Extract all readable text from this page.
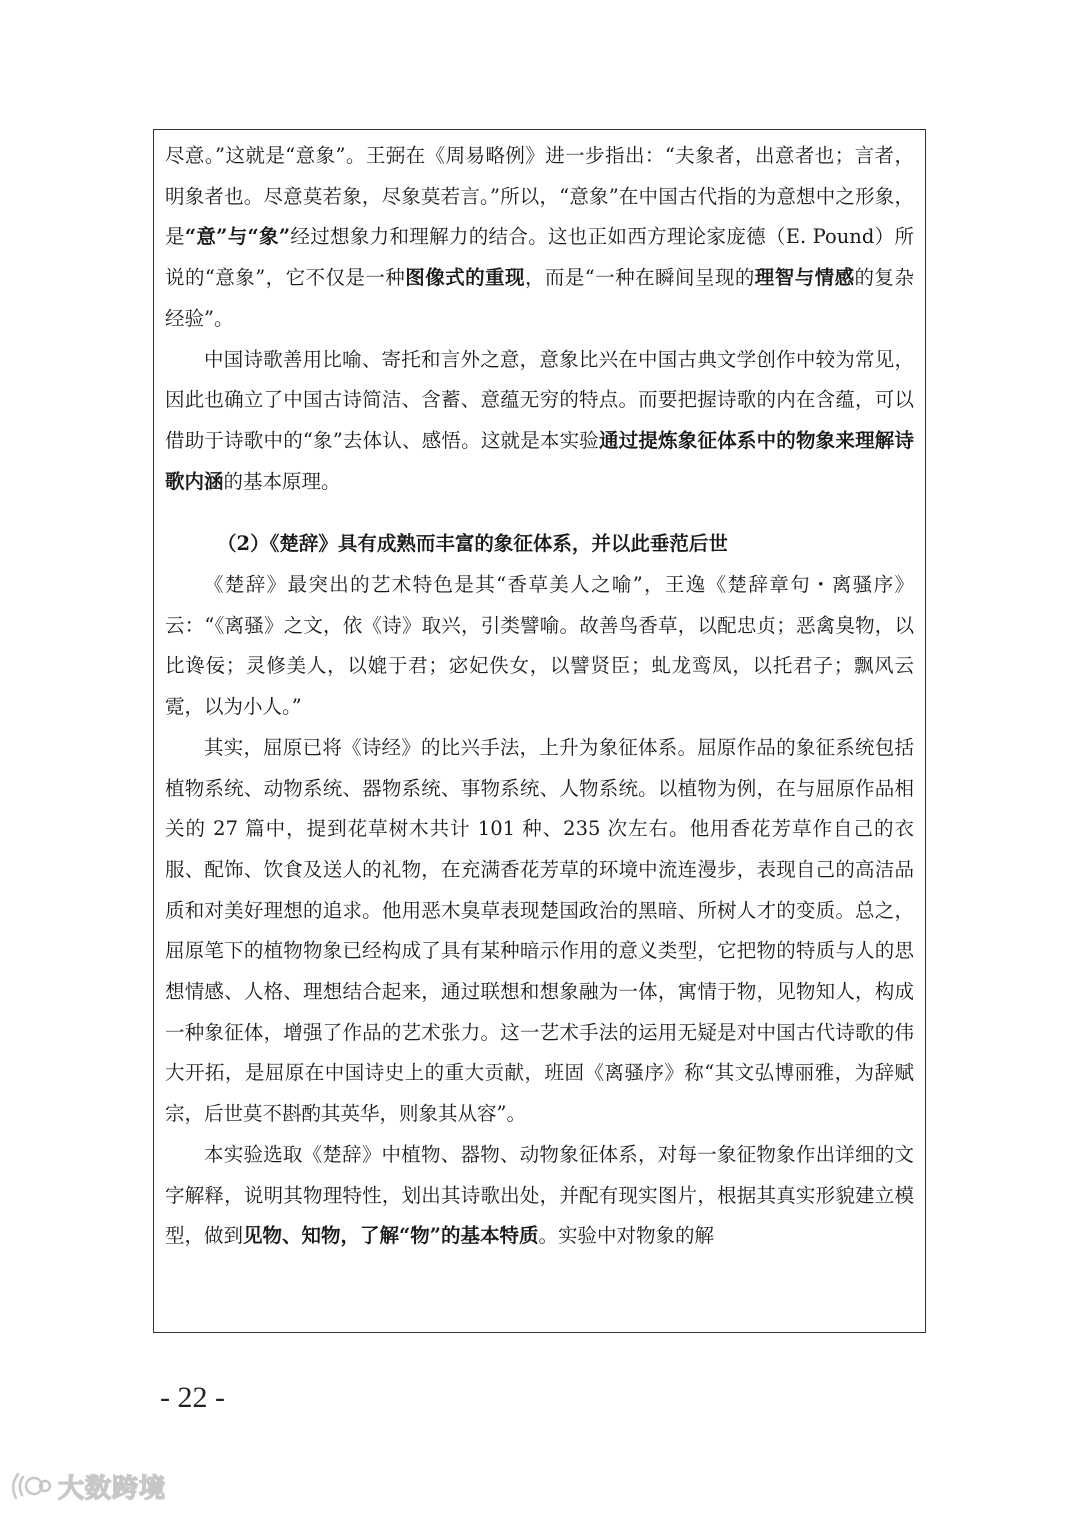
尽意。”这就是“意象”。王弼在《周易略例》进一步指出：“夫象者，出意者也；言者，明象者也。尽意莫若象，尽象莫若言。”所以，“意象”在中国古代指的为意想中之形象，是“意”与“象”经过想象力和理解力的结合。这也正如西方理论家庞德（E. Pound）所说的“意象”，它不仅是一种图像式的重现，而是“一种在瞬间呈现的理智与情感的复杂经验”。

中国诗歌善用比喻、寄托和言外之意，意象比兴在中国古典文学创作中较为常见，因此也确立了中国古诗简洁、含蓄、意蕴无穷的特点。而要把握诗歌的内在含蕴，可以借助于诗歌中的“象”去体认、感悟。这就是本实验通过提炼象征体系中的物象来理解诗歌内涵的基本原理。

（2）《楚辞》具有成熟而丰富的象征体系，并以此垂范后世

《楚辞》最突出的艺术特色是其“香草美人之喻”，王逸《楚辞章句・离骚序》云：“《离骚》之文，依《诗》取兴，引类譬喻。故善鸟香草，以配忠贞；恶禽臭物，以比谗佞；灵修美人，以媲于君；宓妃佚女，以譬贤臣；虬龙鸾凤，以托君子；飘风云霓，以为小人。”

其实，屈原已将《诗经》的比兴手法，上升为象征体系。屈原作品的象征系统包括植物系统、动物系统、器物系统、事物系统、人物系统。以植物为例，在与屈原作品相关的 27 篇中，提到花草树木共计 101 种、235 次左右。他用香花芳草作自己的衣服、配饰、饮食及送人的礼物，在充满香花芳草的环境中流连漫步，表现自己的高洁品质和对美好理想的追求。他用恶木臭草表现楚国政治的黑暗、所树人才的变质。总之，屈原笔下的植物物象已经构成了具有某种暗示作用的意义类型，它把物的特质与人的思想情感、人格、理想结合起来，通过联想和想象融为一体，寓情于物，见物知人，构成一种象征体，增强了作品的艺术张力。这一艺术手法的运用无疑是对中国古代诗歌的伟大开拓，是屈原在中国诗史上的重大贡献，班固《离骚序》称“其文弘博丽雅，为辞赋宗，后世莫不斟酌其英华，则象其从容”。

本实验选取《楚辞》中植物、器物、动物象征体系，对每一象征物象作出详细的文字解释，说明其物理特性，划出其诗歌出处，并配有现实图片，根据其真实形貌建立模型，做到见物、知物，了解“物”的基本特质。实验中对物象的解

- 22 -
大数跨境
